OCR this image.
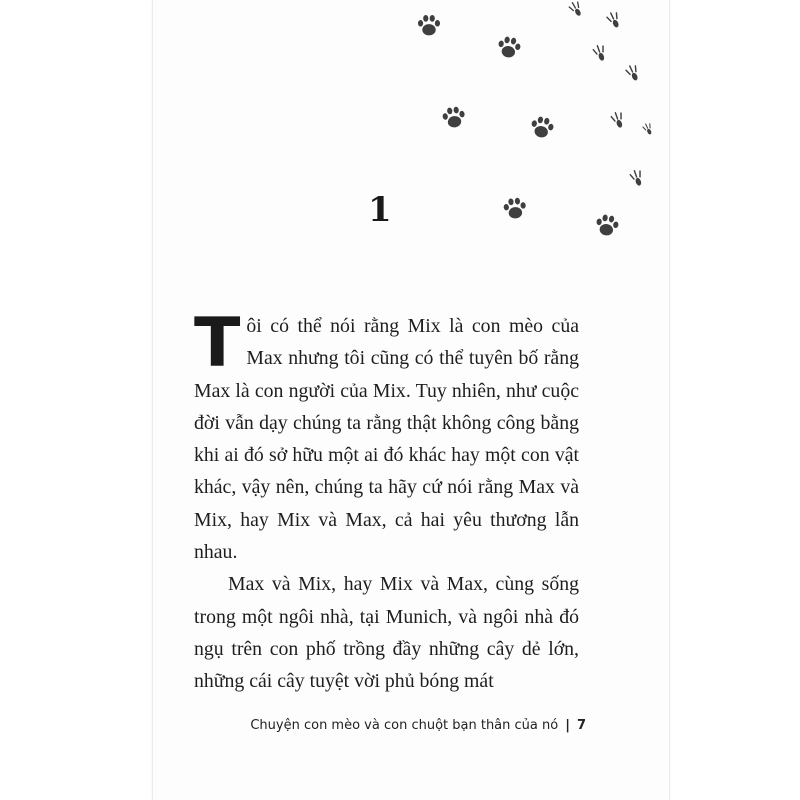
1

Tôi có thể nói rằng Mix là con mèo của Max nhưng tôi cũng có thể tuyên bố rằng Max là con người của Mix. Tuy nhiên, như cuộc đời vẫn dạy chúng ta rằng thật không công bằng khi ai đó sở hữu một ai đó khác hay một con vật khác, vậy nên, chúng ta hãy cứ nói rằng Max và Mix, hay Mix và Max, cả hai yêu thương lẫn nhau.

Max và Mix, hay Mix và Max, cùng sống trong một ngôi nhà, tại Munich, và ngôi nhà đó ngụ trên con phố trồng đầy những cây dẻ lớn, những cái cây tuyệt vời phủ bóng mát

Chuyện con mèo và con chuột bạn thân của nó | 7
